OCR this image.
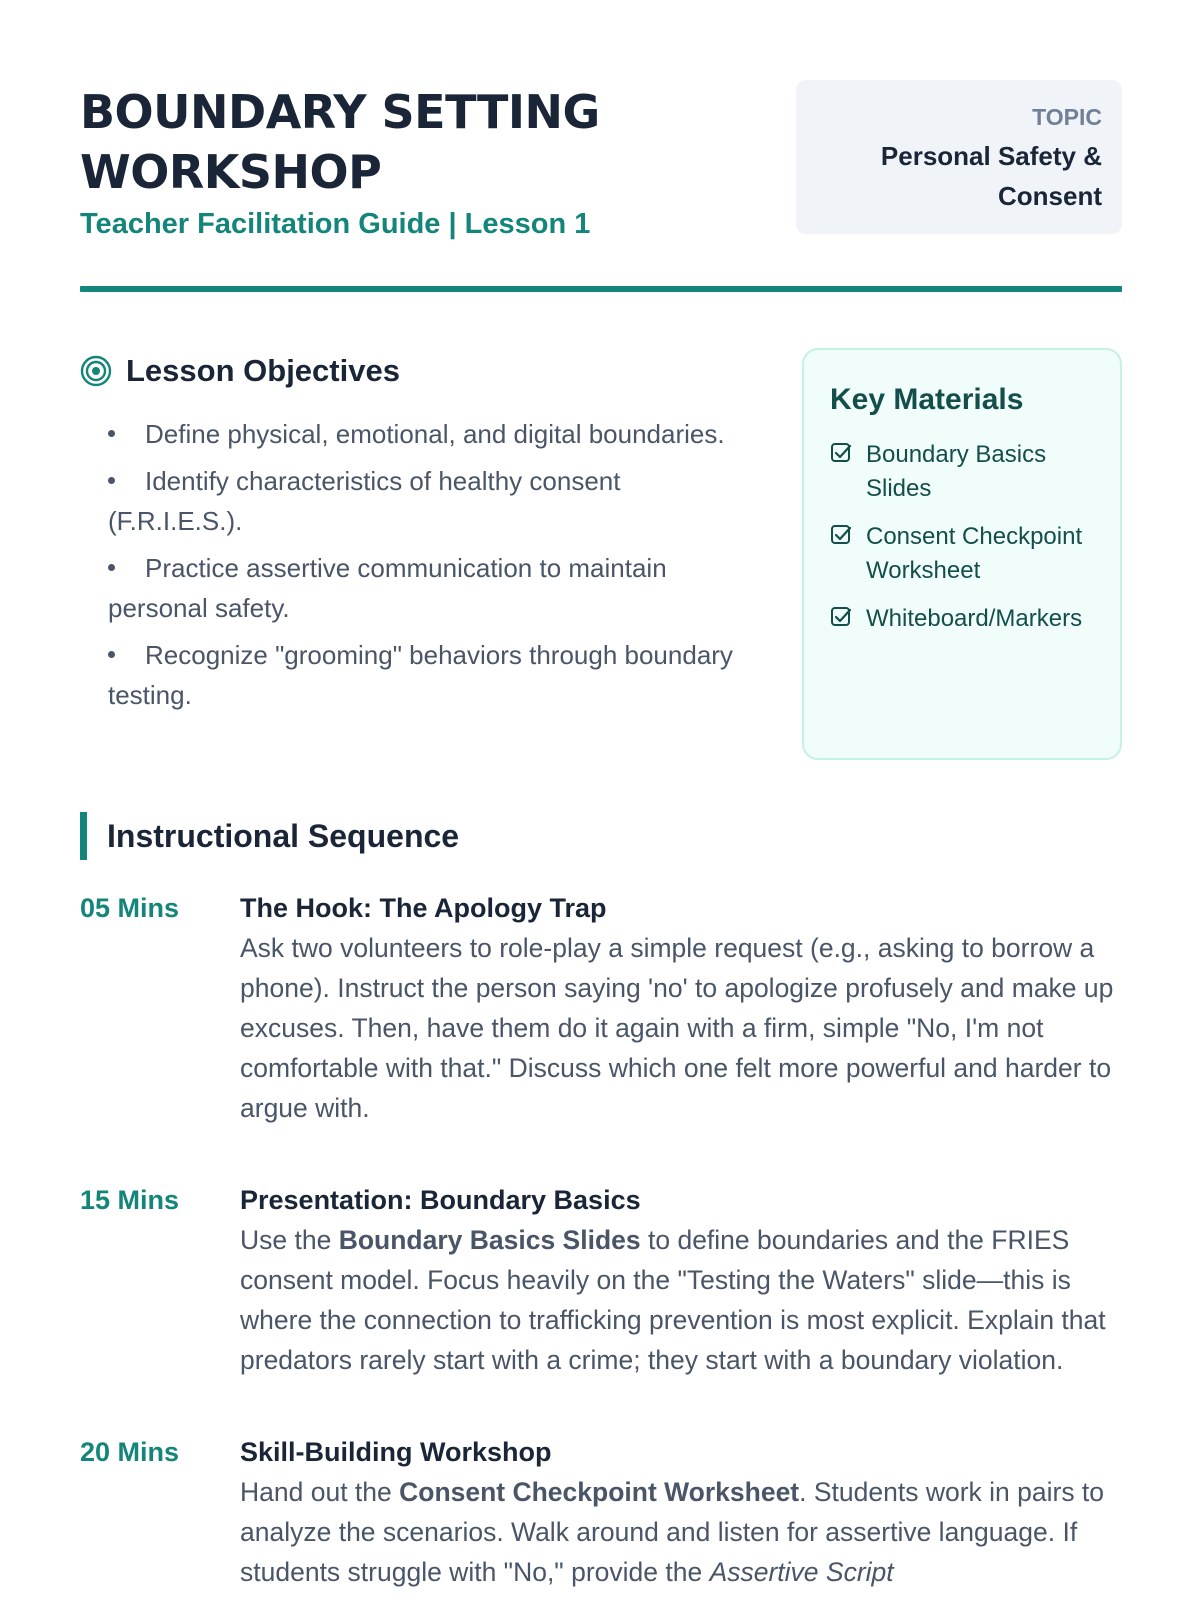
BOUNDARY SETTING
WORKSHOP
Teacher Facilitation Guide | Lesson 1
TOPIC
Personal Safety &
Consent
Lesson Objectives
Define physical, emotional, and digital boundaries.
Identify characteristics of healthy consent (F.R.I.E.S.).
Practice assertive communication to maintain personal safety.
Recognize "grooming" behaviors through boundary testing.
Key Materials
Boundary Basics Slides
Consent Checkpoint Worksheet
Whiteboard/Markers
Instructional Sequence
05 Mins	The Hook: The Apology Trap
Ask two volunteers to role-play a simple request (e.g., asking to borrow a phone). Instruct the person saying 'no' to apologize profusely and make up excuses. Then, have them do it again with a firm, simple "No, I'm not comfortable with that." Discuss which one felt more powerful and harder to argue with.
15 Mins	Presentation: Boundary Basics
Use the Boundary Basics Slides to define boundaries and the FRIES consent model. Focus heavily on the "Testing the Waters" slide—this is where the connection to trafficking prevention is most explicit. Explain that predators rarely start with a crime; they start with a boundary violation.
20 Mins	Skill-Building Workshop
Hand out the Consent Checkpoint Worksheet. Students work in pairs to analyze the scenarios. Walk around and listen for assertive language. If students struggle with "No," provide the Assertive Script
